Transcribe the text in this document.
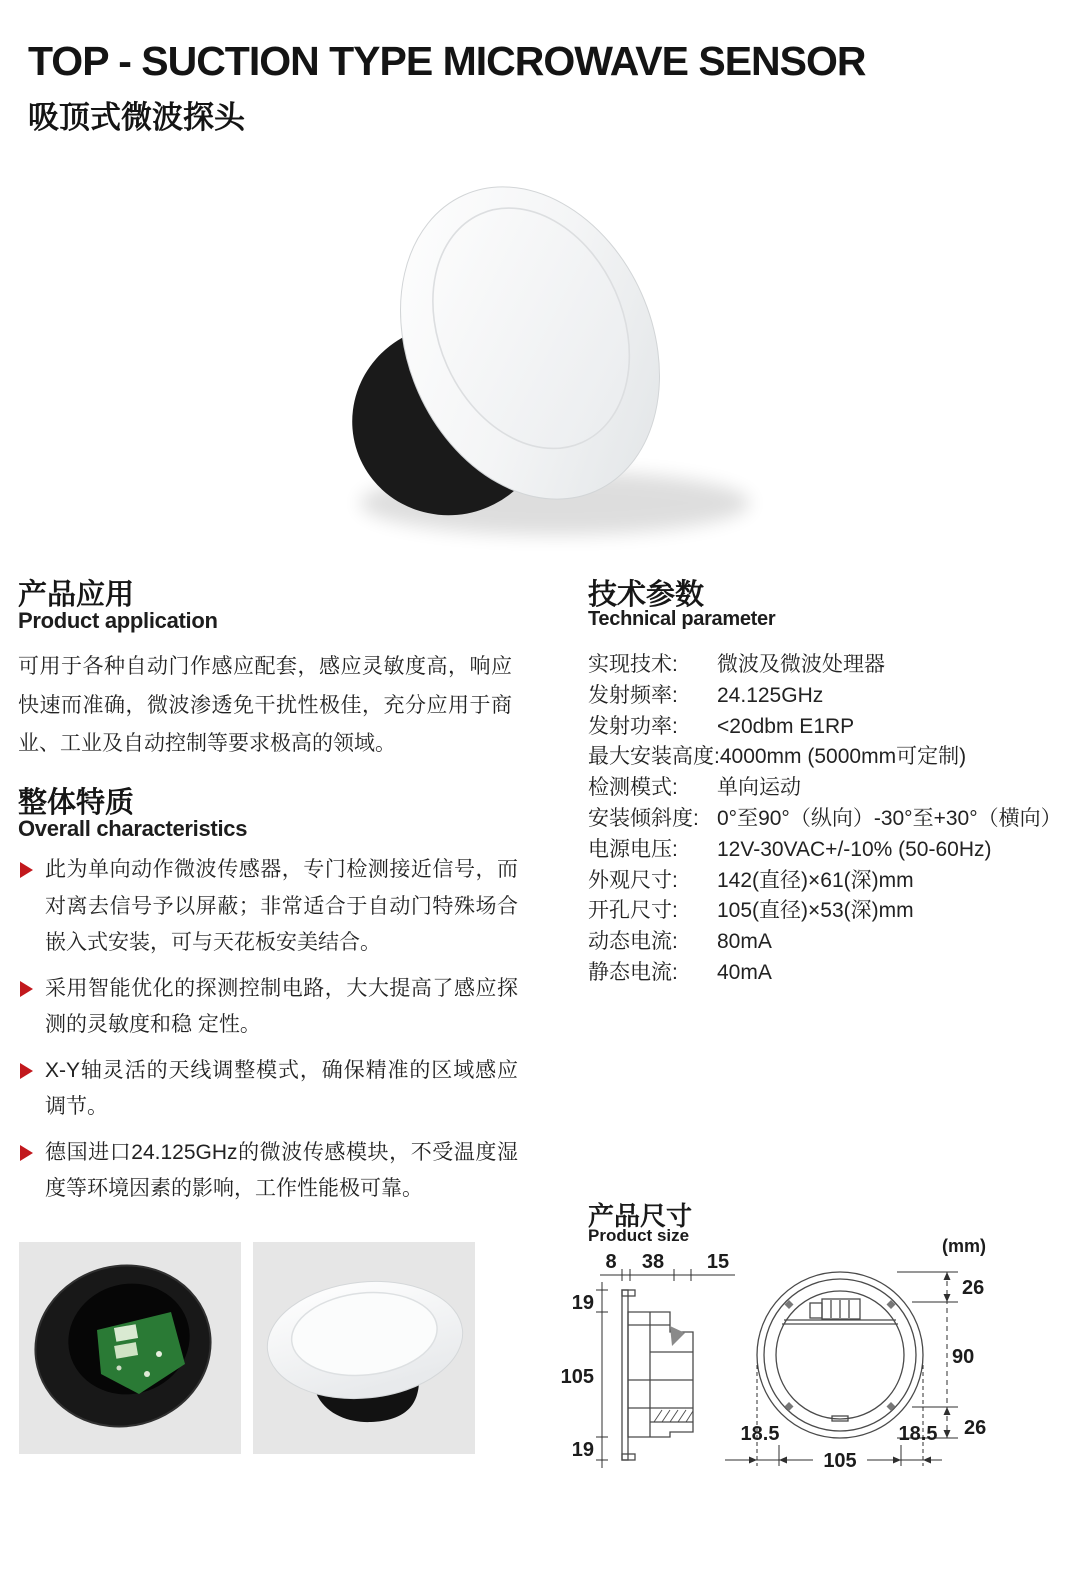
TOP - SUCTION TYPE MICROWAVE SENSOR
吸顶式微波探头
产品应用
Product application
可用于各种自动门作感应配套，感应灵敏度高，响应快速而准确，微波渗透免干扰性极佳，充分应用于商业、工业及自动控制等要求极高的领域。
整体特质
Overall characteristics
此为单向动作微波传感器，专门检测接近信号，而对离去信号予以屏蔽；非常适合于自动门特殊场合嵌入式安装，可与天花板安美结合。
采用智能优化的探测控制电路，大大提高了感应探测的灵敏度和稳 定性。
X-Y轴灵活的天线调整模式，确保精准的区域感应调节。
德国进口24.125GHz的微波传感模块，不受温度湿度等环境因素的影响，工作性能极可靠。
技术参数
Technical parameter
实现技术:	微波及微波处理器
发射频率:	24.125GHz
发射功率:	<20dbm E1RP
最大安装高度: 4000mm (5000mm可定制)
检测模式:	单向运动
安装倾斜度: 0°至90°（纵向）-30°至+30°（横向）
电源电压:	12V-30VAC+/-10% (50-60Hz)
外观尺寸:	142(直径)×61(深)mm
开孔尺寸:	105(直径)×53(深)mm
动态电流:	80mA
静态电流:	40mA
产品尺寸
Product size
8 38 15
19
105
19
(mm)
26
90
26
18.5
105
18.5
